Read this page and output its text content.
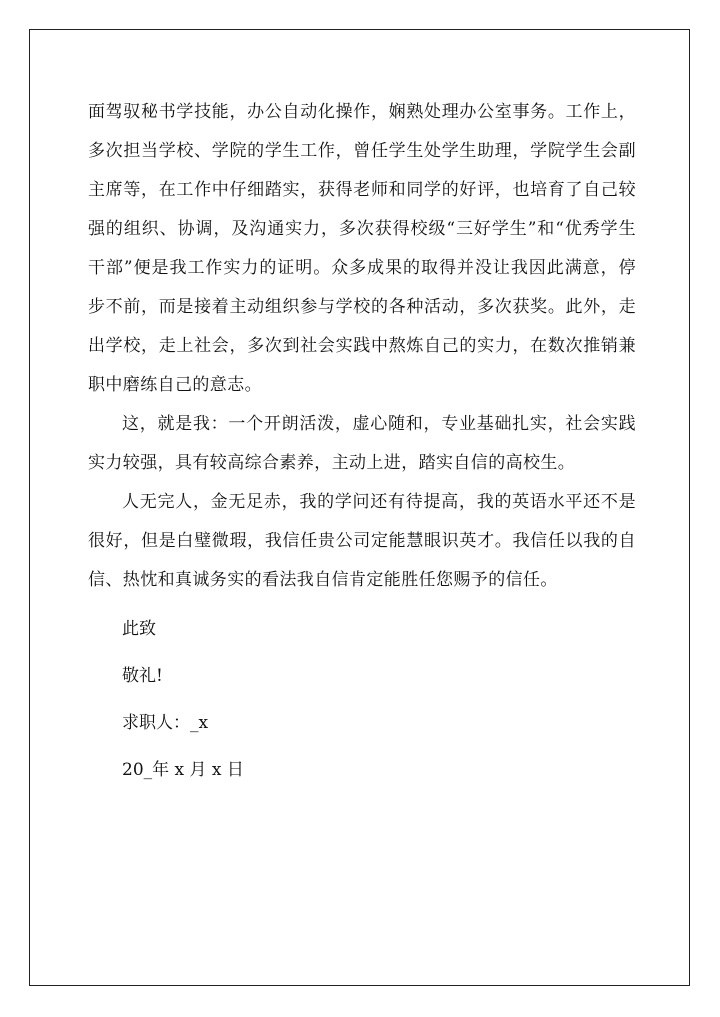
面驾驭秘书学技能，办公自动化操作，娴熟处理办公室事务。工作上，多次担当学校、学院的学生工作，曾任学生处学生助理，学院学生会副主席等，在工作中仔细踏实，获得老师和同学的好评，也培育了自己较强的组织、协调，及沟通实力，多次获得校级“三好学生”和“优秀学生干部”便是我工作实力的证明。众多成果的取得并没让我因此满意，停步不前，而是接着主动组织参与学校的各种活动，多次获奖。此外，走出学校，走上社会，多次到社会实践中熬炼自己的实力，在数次推销兼职中磨练自己的意志。

这，就是我：一个开朗活泼，虚心随和，专业基础扎实，社会实践实力较强，具有较高综合素养，主动上进，踏实自信的高校生。

人无完人，金无足赤，我的学问还有待提高，我的英语水平还不是很好，但是白璧微瑕，我信任贵公司定能慧眼识英才。我信任以我的自信、热忱和真诚务实的看法我自信肯定能胜任您赐予的信任。

此致

敬礼!

求职人：_x

20_年 x 月 x 日
